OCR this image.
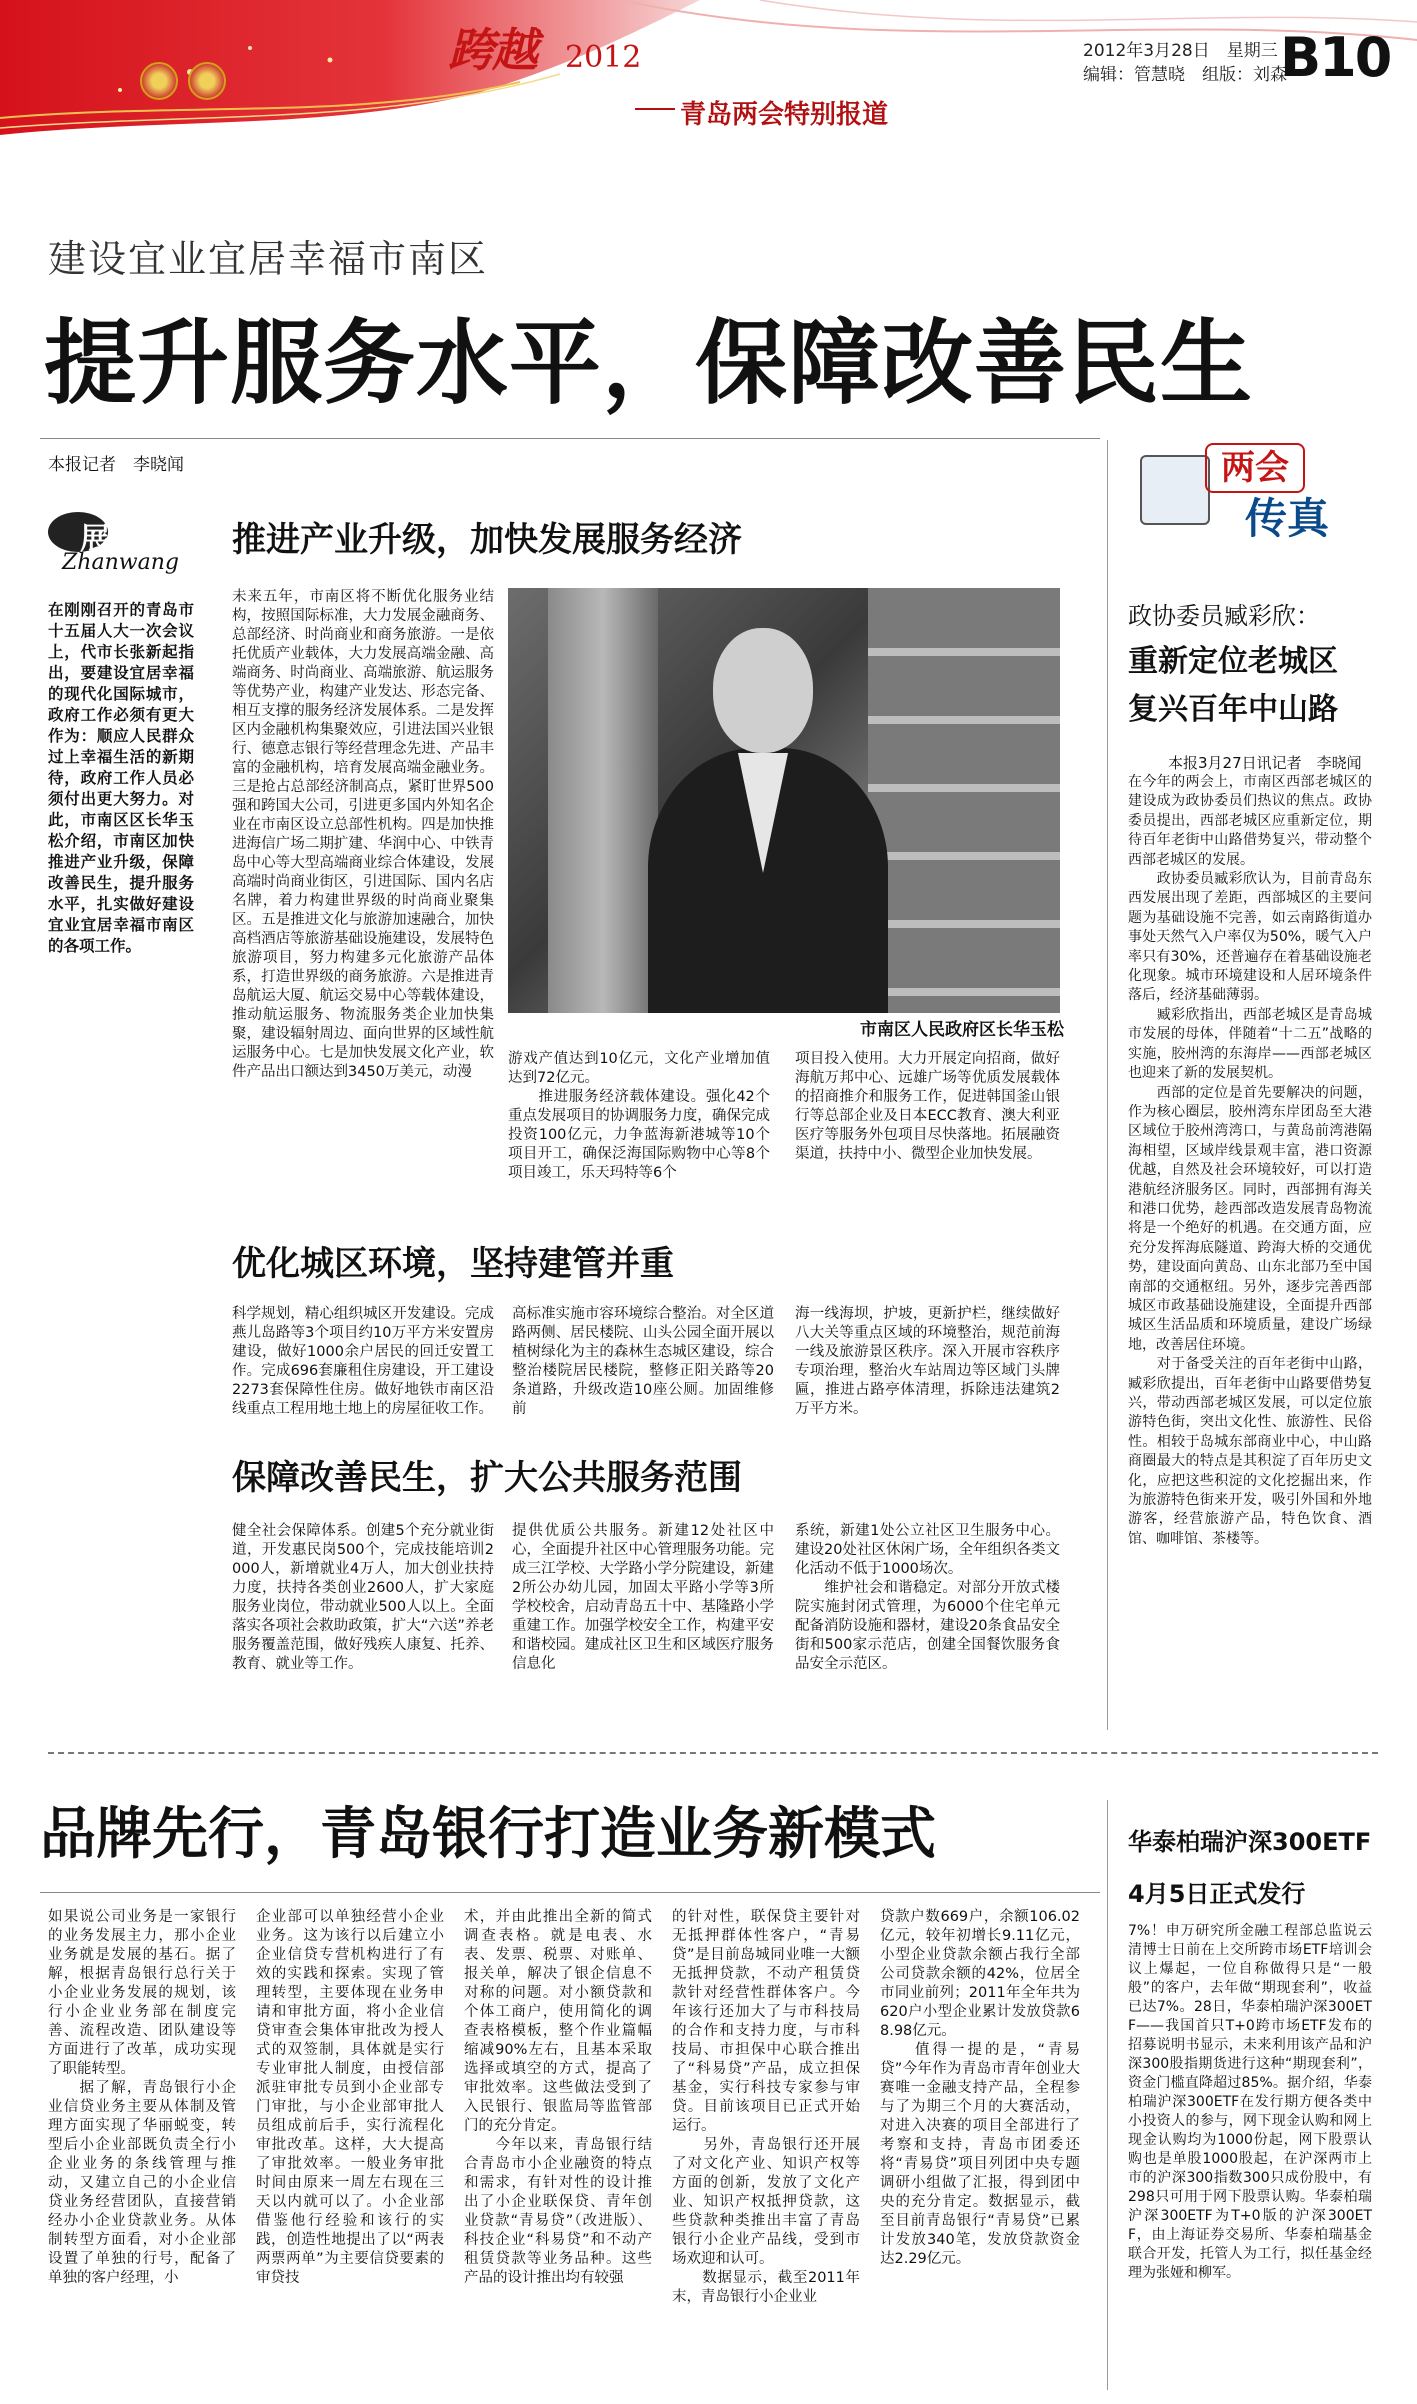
跨越 2012
青岛两会特别报道
2012年3月28日　星期三
编辑：管慧晓　组版：刘森
B10
建设宜业宜居幸福市南区
提升服务水平，保障改善民生
本报记者　李晓闻
展望
Zhanwang
在刚刚召开的青岛市十五届人大一次会议上，代市长张新起指出，要建设宜居幸福的现代化国际城市，政府工作必须有更大作为：顺应人民群众过上幸福生活的新期待，政府工作人员必须付出更大努力。对此，市南区区长华玉松介绍，市南区加快推进产业升级，保障改善民生，提升服务水平，扎实做好建设宜业宜居幸福市南区的各项工作。
推进产业升级，加快发展服务经济
未来五年，市南区将不断优化服务业结构，按照国际标准，大力发展金融商务、总部经济、时尚商业和商务旅游。一是依托优质产业载体，大力发展高端金融、高端商务、时尚商业、高端旅游、航运服务等优势产业，构建产业发达、形态完备、相互支撑的服务经济发展体系。二是发挥区内金融机构集聚效应，引进法国兴业银行、德意志银行等经营理念先进、产品丰富的金融机构，培育发展高端金融业务。三是抢占总部经济制高点，紧盯世界500强和跨国大公司，引进更多国内外知名企业在市南区设立总部性机构。四是加快推进海信广场二期扩建、华润中心、中铁青岛中心等大型高端商业综合体建设，发展高端时尚商业街区，引进国际、国内名店名牌，着力构建世界级的时尚商业聚集区。五是推进文化与旅游加速融合，加快高档酒店等旅游基础设施建设，发展特色旅游项目，努力构建多元化旅游产品体系，打造世界级的商务旅游。六是推进青岛航运大厦、航运交易中心等载体建设，推动航运服务、物流服务类企业加快集聚，建设辐射周边、面向世界的区域性航运服务中心。七是加快发展文化产业，软件产品出口额达到3450万美元，动漫
市南区人民政府区长华玉松
游戏产值达到10亿元，文化产业增加值达到72亿元。
　　推进服务经济载体建设。强化42个重点发展项目的协调服务力度，确保完成投资100亿元，力争蓝海新港城等10个项目开工，确保泛海国际购物中心等8个项目竣工，乐天玛特等6个
项目投入使用。大力开展定向招商，做好海航万邦中心、远雄广场等优质发展载体的招商推介和服务工作，促进韩国釜山银行等总部企业及日本ECC教育、澳大利亚医疗等服务外包项目尽快落地。拓展融资渠道，扶持中小、微型企业加快发展。
优化城区环境，坚持建管并重
科学规划，精心组织城区开发建设。完成燕儿岛路等3个项目约10万平方米安置房建设，做好1000余户居民的回迁安置工作。完成696套廉租住房建设，开工建设2273套保障性住房。做好地铁市南区沿线重点工程用地土地上的房屋征收工作。
高标准实施市容环境综合整治。对全区道路两侧、居民楼院、山头公园全面开展以植树绿化为主的森林生态城区建设，综合整治楼院居民楼院，整修正阳关路等20条道路，升级改造10座公厕。加固维修前
海一线海坝，护坡，更新护栏，继续做好八大关等重点区域的环境整治，规范前海一线及旅游景区秩序。深入开展市容秩序专项治理，整治火车站周边等区域门头牌匾，推进占路亭体清理，拆除违法建筑2万平方米。
保障改善民生，扩大公共服务范围
健全社会保障体系。创建5个充分就业街道，开发惠民岗500个，完成技能培训2000人，新增就业4万人，加大创业扶持力度，扶持各类创业2600人，扩大家庭服务业岗位，带动就业500人以上。全面落实各项社会救助政策，扩大“六送”养老服务覆盖范围，做好残疾人康复、托养、教育、就业等工作。
提供优质公共服务。新建12处社区中心，全面提升社区中心管理服务功能。完成三江学校、大学路小学分院建设，新建2所公办幼儿园，加固太平路小学等3所学校校舍，启动青岛五十中、基隆路小学重建工作。加强学校安全工作，构建平安和谐校园。建成社区卫生和区域医疗服务信息化
系统，新建1处公立社区卫生服务中心。建设20处社区休闲广场，全年组织各类文化活动不低于1000场次。
　　维护社会和谐稳定。对部分开放式楼院实施封闭式管理，为6000个住宅单元配备消防设施和器材，建设20条食品安全街和500家示范店，创建全国餐饮服务食品安全示范区。
两会
传真
政协委员臧彩欣：
重新定位老城区
复兴百年中山路
本报3月27日讯记者　李晓闻
在今年的两会上，市南区西部老城区的建设成为政协委员们热议的焦点。政协委员提出，西部老城区应重新定位，期待百年老街中山路借势复兴，带动整个西部老城区的发展。
　　政协委员臧彩欣认为，目前青岛东西发展出现了差距，西部城区的主要问题为基础设施不完善，如云南路街道办事处天然气入户率仅为50%，暖气入户率只有30%，还普遍存在着基础设施老化现象。城市环境建设和人居环境条件落后，经济基础薄弱。
　　臧彩欣指出，西部老城区是青岛城市发展的母体，伴随着“十二五”战略的实施，胶州湾的东海岸——西部老城区也迎来了新的发展契机。
　　西部的定位是首先要解决的问题，作为核心圈层，胶州湾东岸团岛至大港区域位于胶州湾湾口，与黄岛前湾港隔海相望，区域岸线景观丰富，港口资源优越，自然及社会环境较好，可以打造港航经济服务区。同时，西部拥有海关和港口优势，趁西部改造发展青岛物流将是一个绝好的机遇。在交通方面，应充分发挥海底隧道、跨海大桥的交通优势，建设面向黄岛、山东北部乃至中国南部的交通枢纽。另外，逐步完善西部城区市政基础设施建设，全面提升西部城区生活品质和环境质量，建设广场绿地，改善居住环境。
　　对于备受关注的百年老街中山路，臧彩欣提出，百年老街中山路要借势复兴，带动西部老城区发展，可以定位旅游特色街，突出文化性、旅游性、民俗性。相较于岛城东部商业中心，中山路商圈最大的特点是其积淀了百年历史文化，应把这些积淀的文化挖掘出来，作为旅游特色街来开发，吸引外国和外地游客，经营旅游产品，特色饮食、酒馆、咖啡馆、茶楼等。
品牌先行，青岛银行打造业务新模式
如果说公司业务是一家银行的业务发展主力，那小企业业务就是发展的基石。据了解，根据青岛银行总行关于小企业业务发展的规划，该行小企业业务部在制度完善、流程改造、团队建设等方面进行了改革，成功实现了职能转型。
　　据了解，青岛银行小企业信贷业务主要从体制及管理方面实现了华丽蜕变，转型后小企业部既负责全行小企业业务的条线管理与推动，又建立自己的小企业信贷业务经营团队，直接营销经办小企业贷款业务。从体制转型方面看，对小企业部设置了单独的行号，配备了单独的客户经理，小
企业部可以单独经营小企业业务。这为该行以后建立小企业信贷专营机构进行了有效的实践和探索。实现了管理转型，主要体现在业务申请和审批方面，将小企业信贷审查会集体审批改为授人式的双签制，具体就是实行专业审批人制度，由授信部派驻审批专员到小企业部专门审批，与小企业部审批人员组成前后手，实行流程化审批改革。这样，大大提高了审批效率。一般业务审批时间由原来一周左右现在三天以内就可以了。小企业部借鉴他行经验和该行的实践，创造性地提出了以“两表两票两单”为主要信贷要素的审贷技
术，并由此推出全新的简式调查表格。就是电表、水表、发票、税票、对账单、报关单，解决了银企信息不对称的问题。对小额贷款和个体工商户，使用简化的调查表格模板，整个作业篇幅缩减90%左右，且基本采取选择或填空的方式，提高了审批效率。这些做法受到了入民银行、银监局等监管部门的充分肯定。
　　今年以来，青岛银行结合青岛市小企业融资的特点和需求，有针对性的设计推出了小企业联保贷、青年创业贷款“青易贷”（改进版）、科技企业“科易贷”和不动产租赁贷款等业务品种。这些产品的设计推出均有较强
的针对性，联保贷主要针对无抵押群体性客户，“青易贷”是目前岛城同业唯一大额无抵押贷款，不动产租赁贷款针对经营性群体客户。今年该行还加大了与市科技局的合作和支持力度，与市科技局、市担保中心联合推出了“科易贷”产品，成立担保基金，实行科技专家参与审贷。目前该项目已正式开始运行。
　　另外，青岛银行还开展了对文化产业、知识产权等方面的创新，发放了文化产业、知识产权抵押贷款，这些贷款种类推出丰富了青岛银行小企业产品线，受到市场欢迎和认可。
　　数据显示，截至2011年末，青岛银行小企业业
贷款户数669户，余额106.02亿元，较年初增长9.11亿元，小型企业贷款余额占我行全部公司贷款余额的42%，位居全市同业前列；2011年全年共为620户小型企业累计发放贷款68.98亿元。
　　值得一提的是，“青易贷”今年作为青岛市青年创业大赛唯一金融支持产品，全程参与了为期三个月的大赛活动，对进入决赛的项目全部进行了考察和支持，青岛市团委还将“青易贷”项目列团中央专题调研小组做了汇报，得到团中央的充分肯定。数据显示，截至目前青岛银行“青易贷”已累计发放340笔，发放贷款资金达2.29亿元。
华泰柏瑞沪深300ETF
4月5日正式发行
7%！申万研究所金融工程部总监说云清博士日前在上交所跨市场ETF培训会议上爆起，一位自称做得只是“一般般”的客户，去年做“期现套利”，收益已达7%。28日，华泰柏瑞沪深300ETF——我国首只T+0跨市场ETF发布的招募说明书显示，未来利用该产品和沪深300股指期货进行这种“期现套利”，资金门槛直降超过85%。据介绍，华泰柏瑞沪深300ETF在发行期方便各类中小投资人的参与，网下现金认购和网上现金认购均为1000份起，网下股票认购也是单股1000股起，在沪深两市上市的沪深300指数300只成份股中，有298只可用于网下股票认购。华泰柏瑞沪深300ETF为T+0版的沪深300ETF，由上海证券交易所、华泰柏瑞基金联合开发，托管人为工行，拟任基金经理为张娅和柳军。
